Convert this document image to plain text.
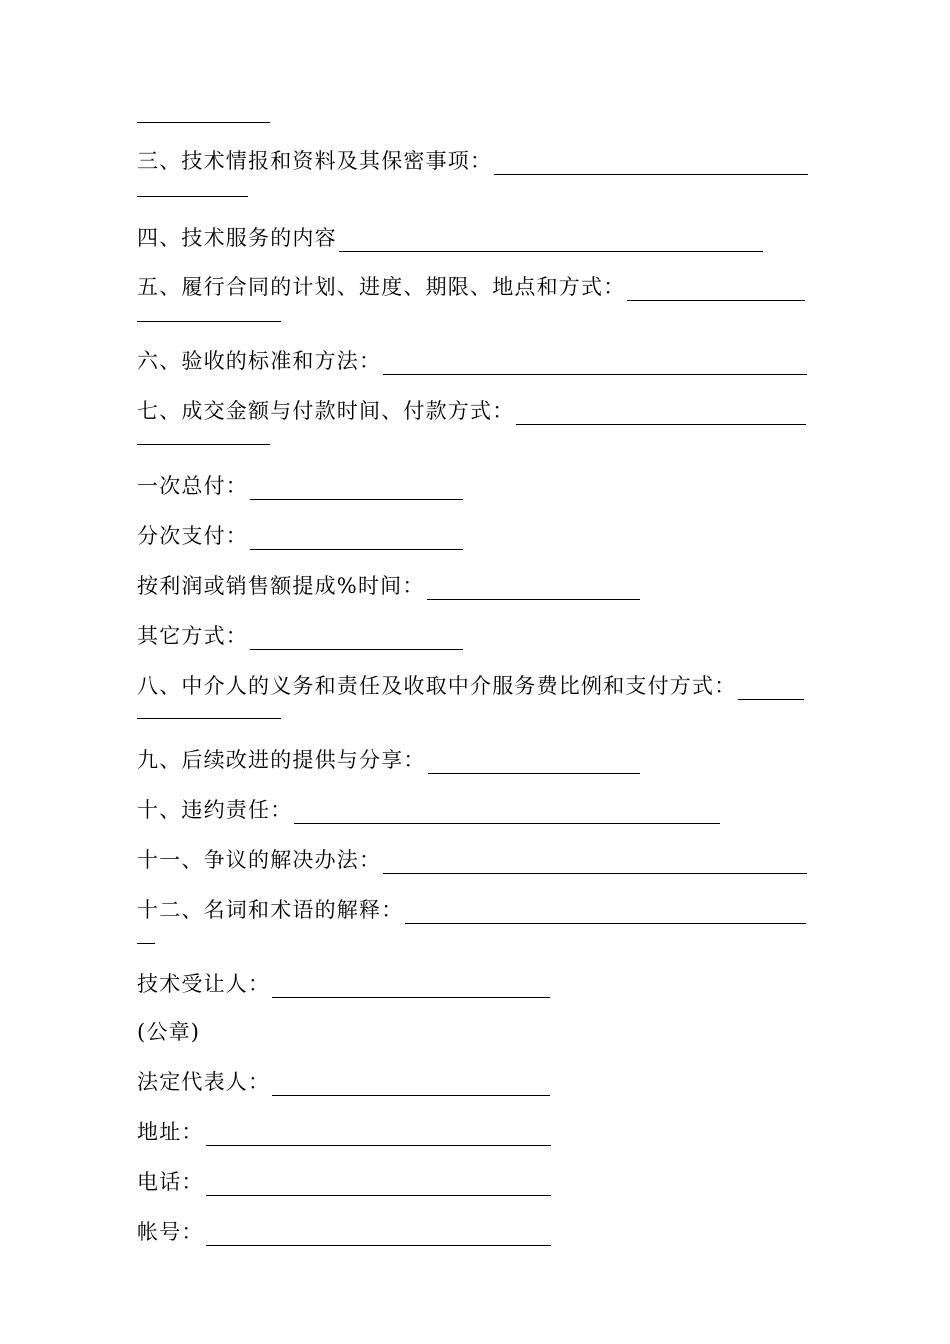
三、技术情报和资料及其保密事项：
四、技术服务的内容
五、履行合同的计划、进度、期限、地点和方式：
六、验收的标准和方法：
七、成交金额与付款时间、付款方式：
一次总付：
分次支付：
按利润或销售额提成%时间：
其它方式：
八、中介人的义务和责任及收取中介服务费比例和支付方式：
九、后续改进的提供与分享：
十、违约责任：
十一、争议的解决办法：
十二、名词和术语的解释：
技术受让人：
(公章)
法定代表人：
地址：
电话：
帐号：
